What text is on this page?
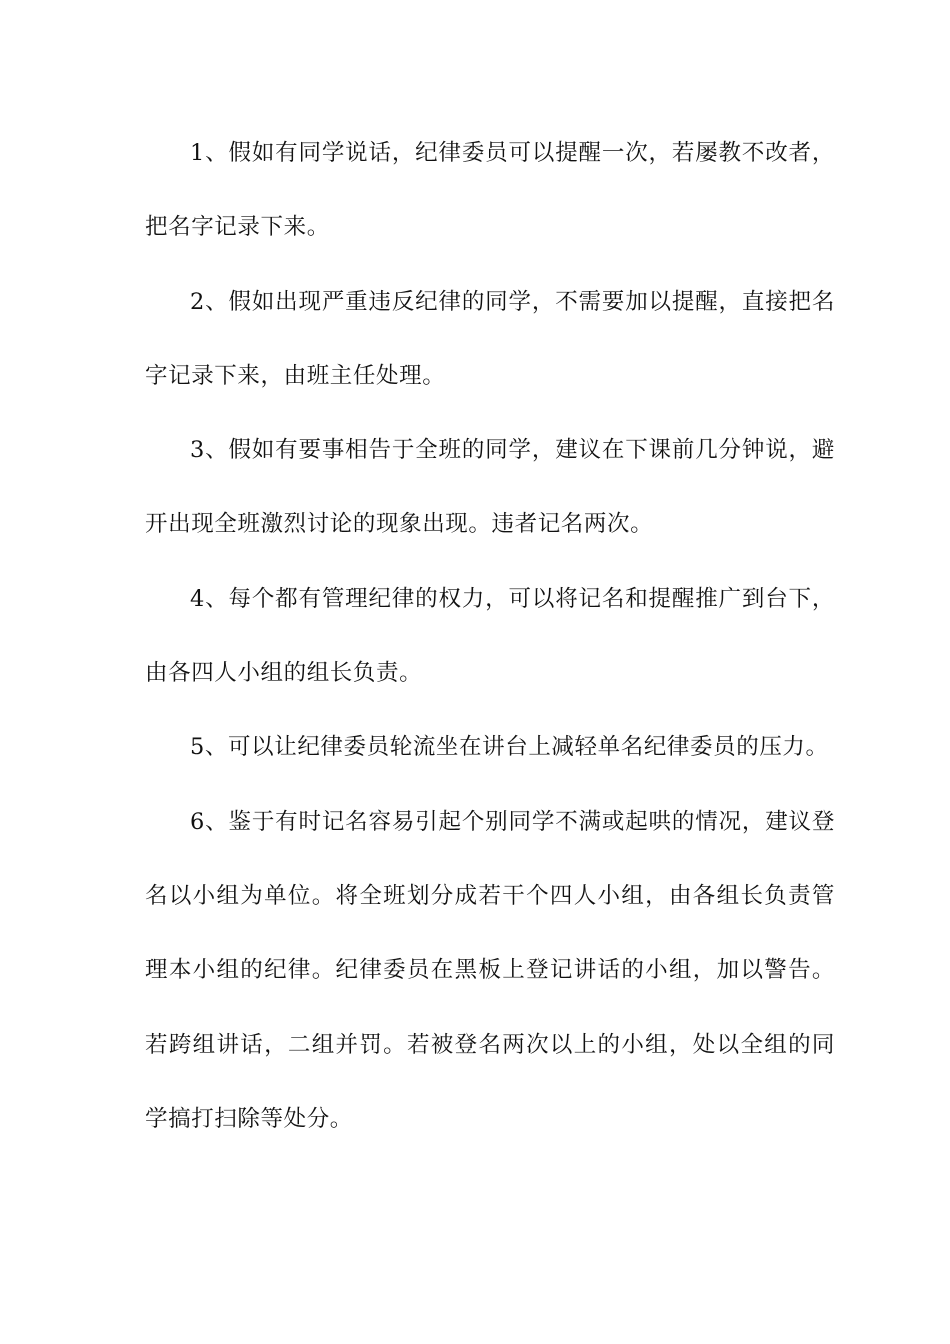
1、假如有同学说话，纪律委员可以提醒一次，若屡教不改者，把名字记录下来。

2、假如出现严重违反纪律的同学，不需要加以提醒，直接把名字记录下来，由班主任处理。

3、假如有要事相告于全班的同学，建议在下课前几分钟说，避开出现全班激烈讨论的现象出现。违者记名两次。

4、每个都有管理纪律的权力，可以将记名和提醒推广到台下，由各四人小组的组长负责。

5、可以让纪律委员轮流坐在讲台上减轻单名纪律委员的压力。

6、鉴于有时记名容易引起个别同学不满或起哄的情况，建议登名以小组为单位。将全班划分成若干个四人小组，由各组长负责管理本小组的纪律。纪律委员在黑板上登记讲话的小组，加以警告。若跨组讲话，二组并罚。若被登名两次以上的小组，处以全组的同学搞打扫除等处分。
